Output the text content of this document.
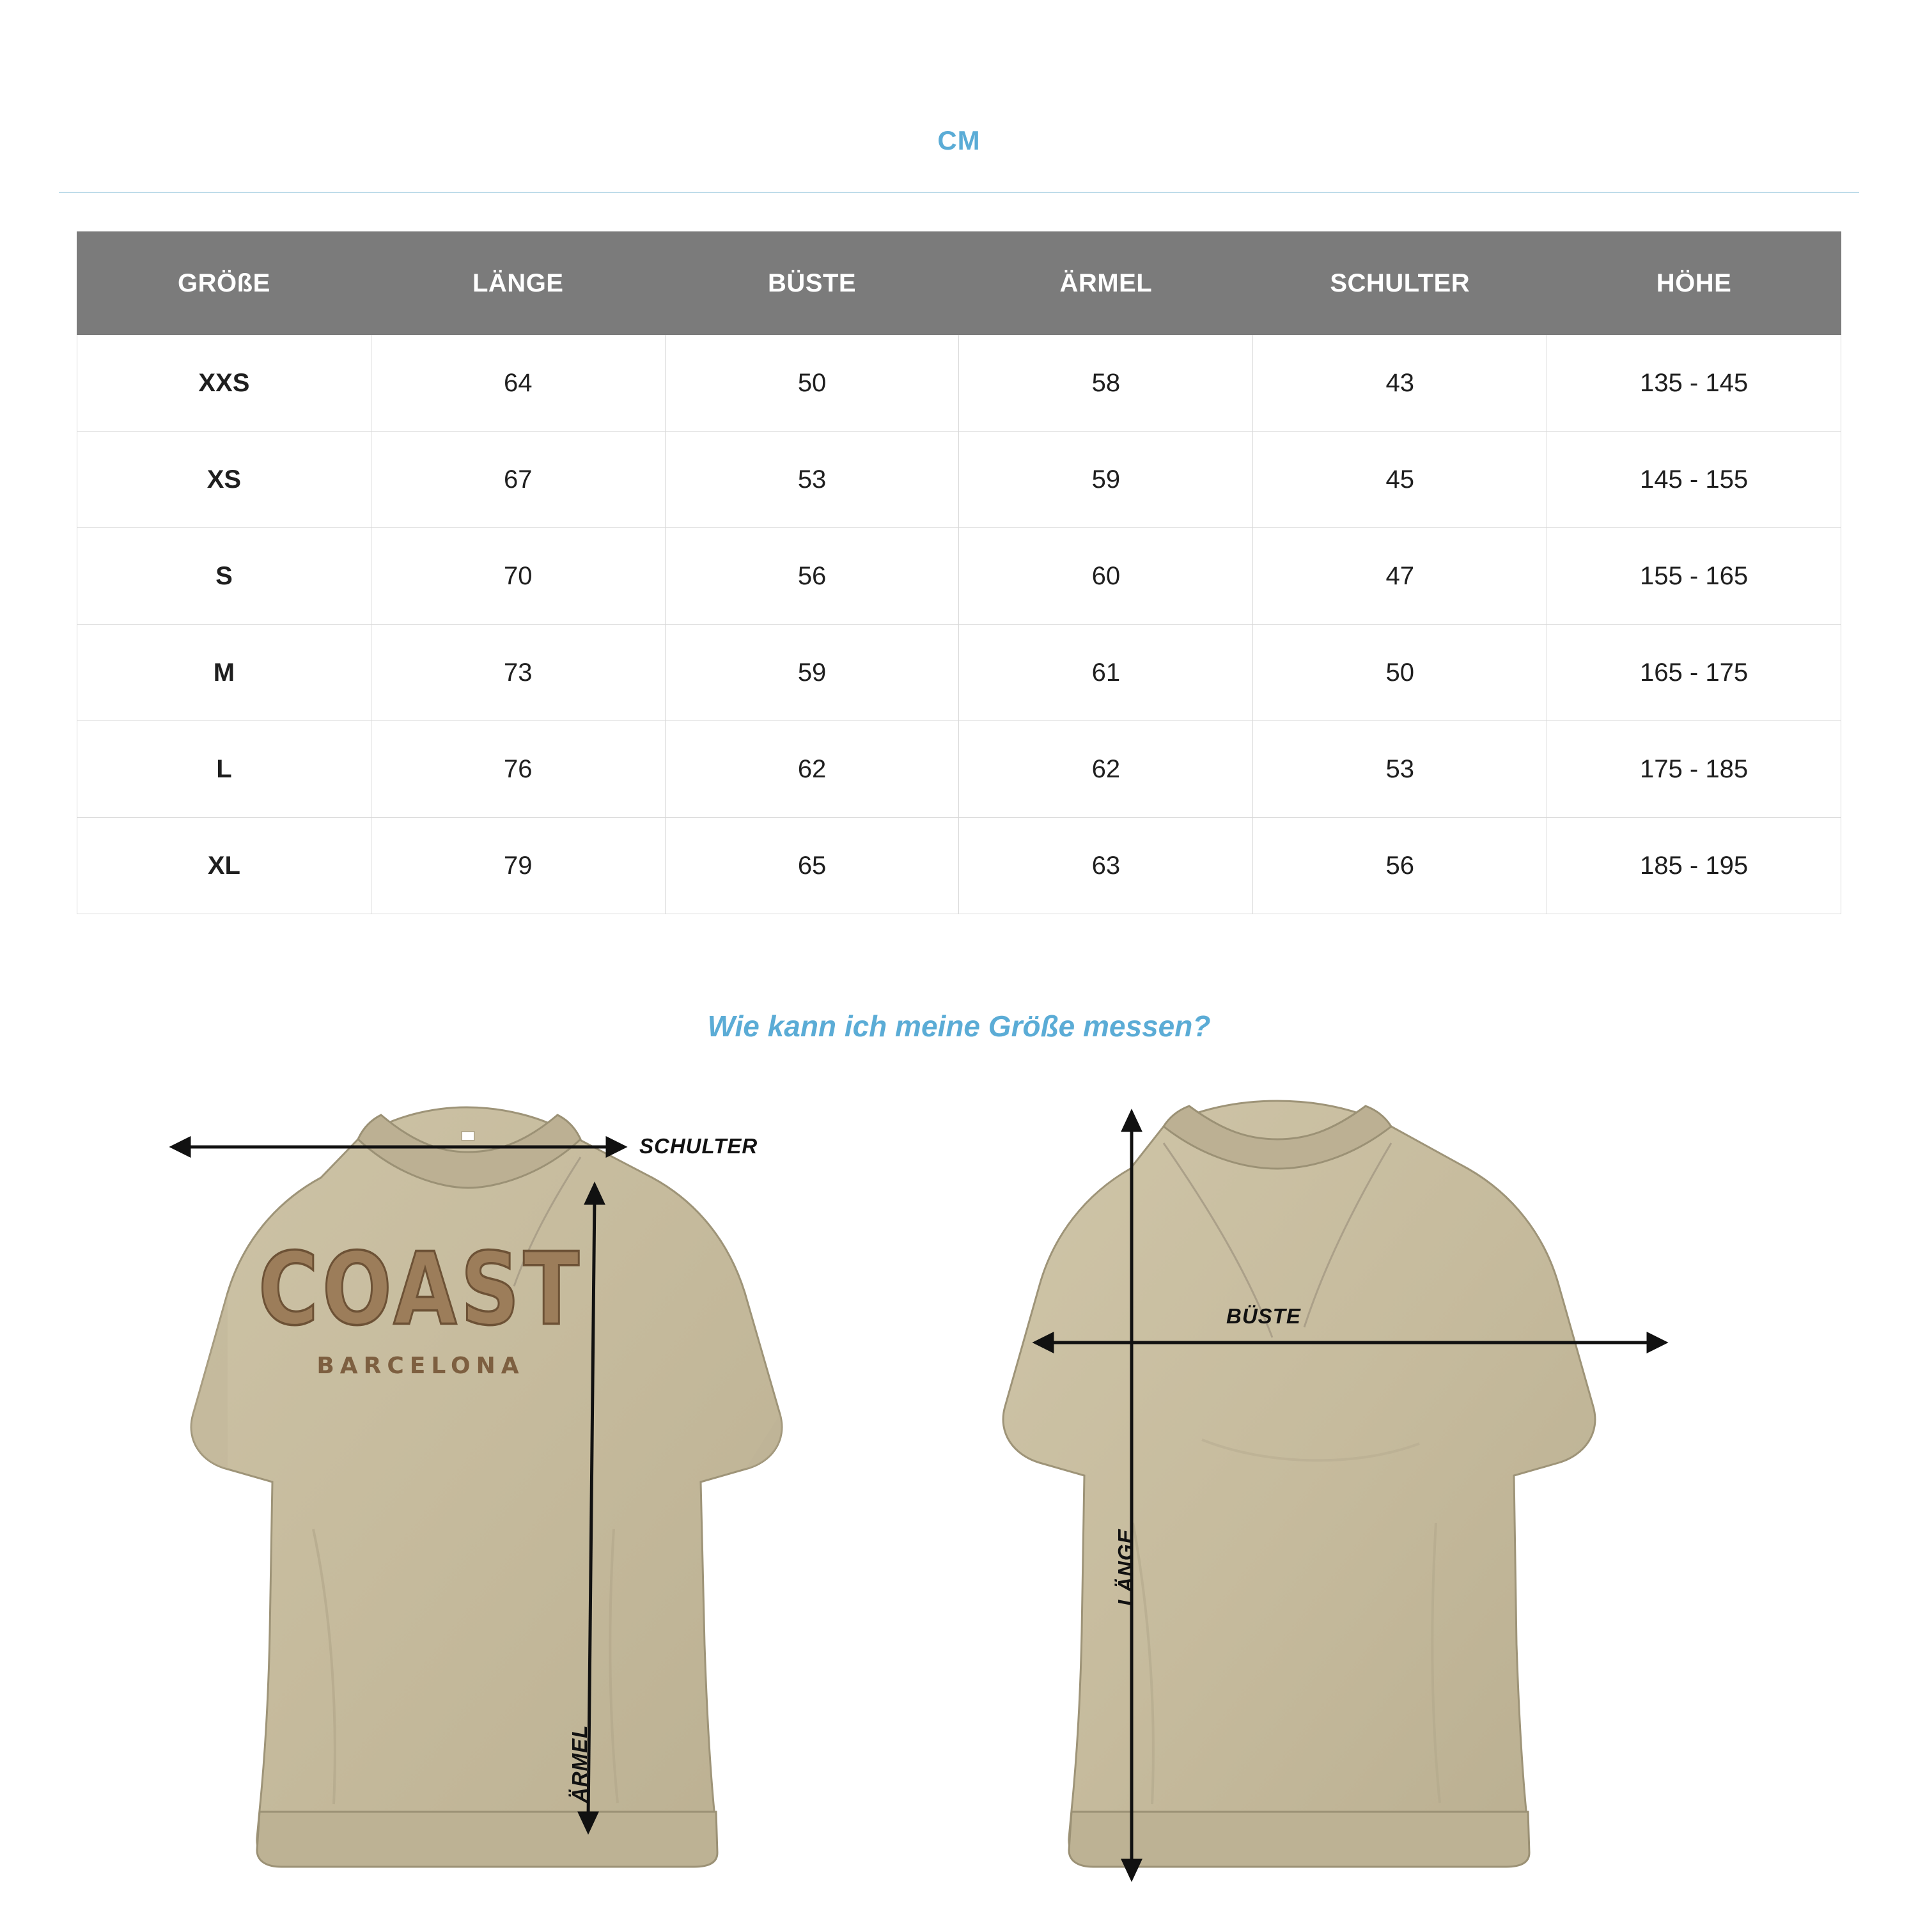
CM
GRÖßE	LÄNGE	BÜSTE	ÄRMEL	SCHULTER	HÖHE
XXS	64	50	58	43	135 - 145
XS	67	53	59	45	145 - 155
S	70	56	60	47	155 - 165
M	73	59	61	50	165 - 175
L	76	62	62	53	175 - 185
XL	79	65	63	56	185 - 195
Wie kann ich meine Größe messen?
COAST
BARCELONA
SCHULTER
ÄRMEL
BÜSTE
LÄNGE
